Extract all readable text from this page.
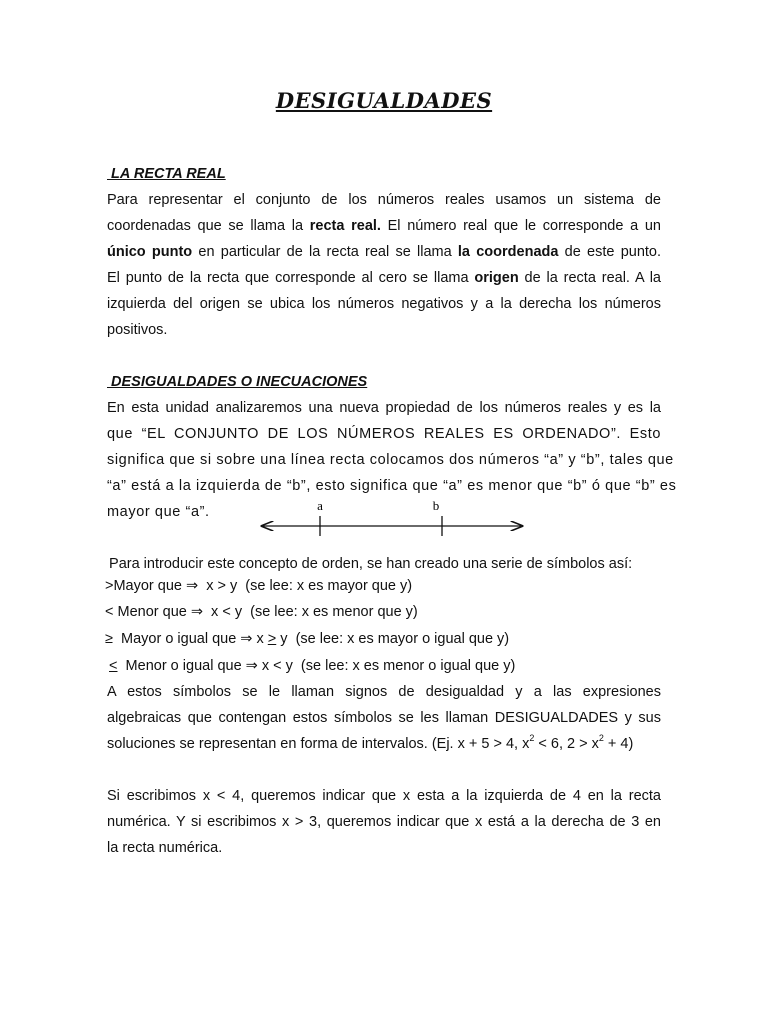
DESIGUALDADES
LA RECTA REAL
Para representar el conjunto de los números reales usamos un sistema de
coordenadas que se llama la recta real. El número real que le corresponde a un
único punto en particular de la recta real se llama la coordenada de este punto.
El punto de la recta que corresponde al cero se llama origen de la recta real. A la
izquierda del origen se ubica los números negativos y a la derecha los números
positivos.
DESIGUALDADES O INECUACIONES
En esta unidad analizaremos una nueva propiedad de los números reales y es la
que “EL CONJUNTO DE LOS NÚMEROS REALES ES ORDENADO”. Esto
significa que si sobre una línea recta colocamos dos números “a” y “b”, tales que
“a” está a la izquierda de “b”, esto significa que “a” es menor que “b” ó que “b” es
mayor que “a”.	a	b
Para introducir este concepto de orden, se han creado una serie de símbolos así:
>Mayor que ⇒  x > y  (se lee: x es mayor que y)
< Menor que ⇒  x < y  (se lee: x es menor que y)
≥  Mayor o igual que ⇒ x > y  (se lee: x es mayor o igual que y)
<  Menor o igual que ⇒ x < y  (se lee: x es menor o igual que y)
A estos símbolos se le llaman signos de desigualdad y a las expresiones
algebraicas que contengan estos símbolos se les llaman DESIGUALDADES y sus
soluciones se representan en forma de intervalos. (Ej. x + 5 > 4, $x^2 < 6$, $2 > x^2 + 4$)
Si escribimos x < 4, queremos indicar que x esta a la izquierda de 4 en la recta
numérica. Y si escribimos x > 3, queremos indicar que x está a la derecha de 3 en
la recta numérica.
